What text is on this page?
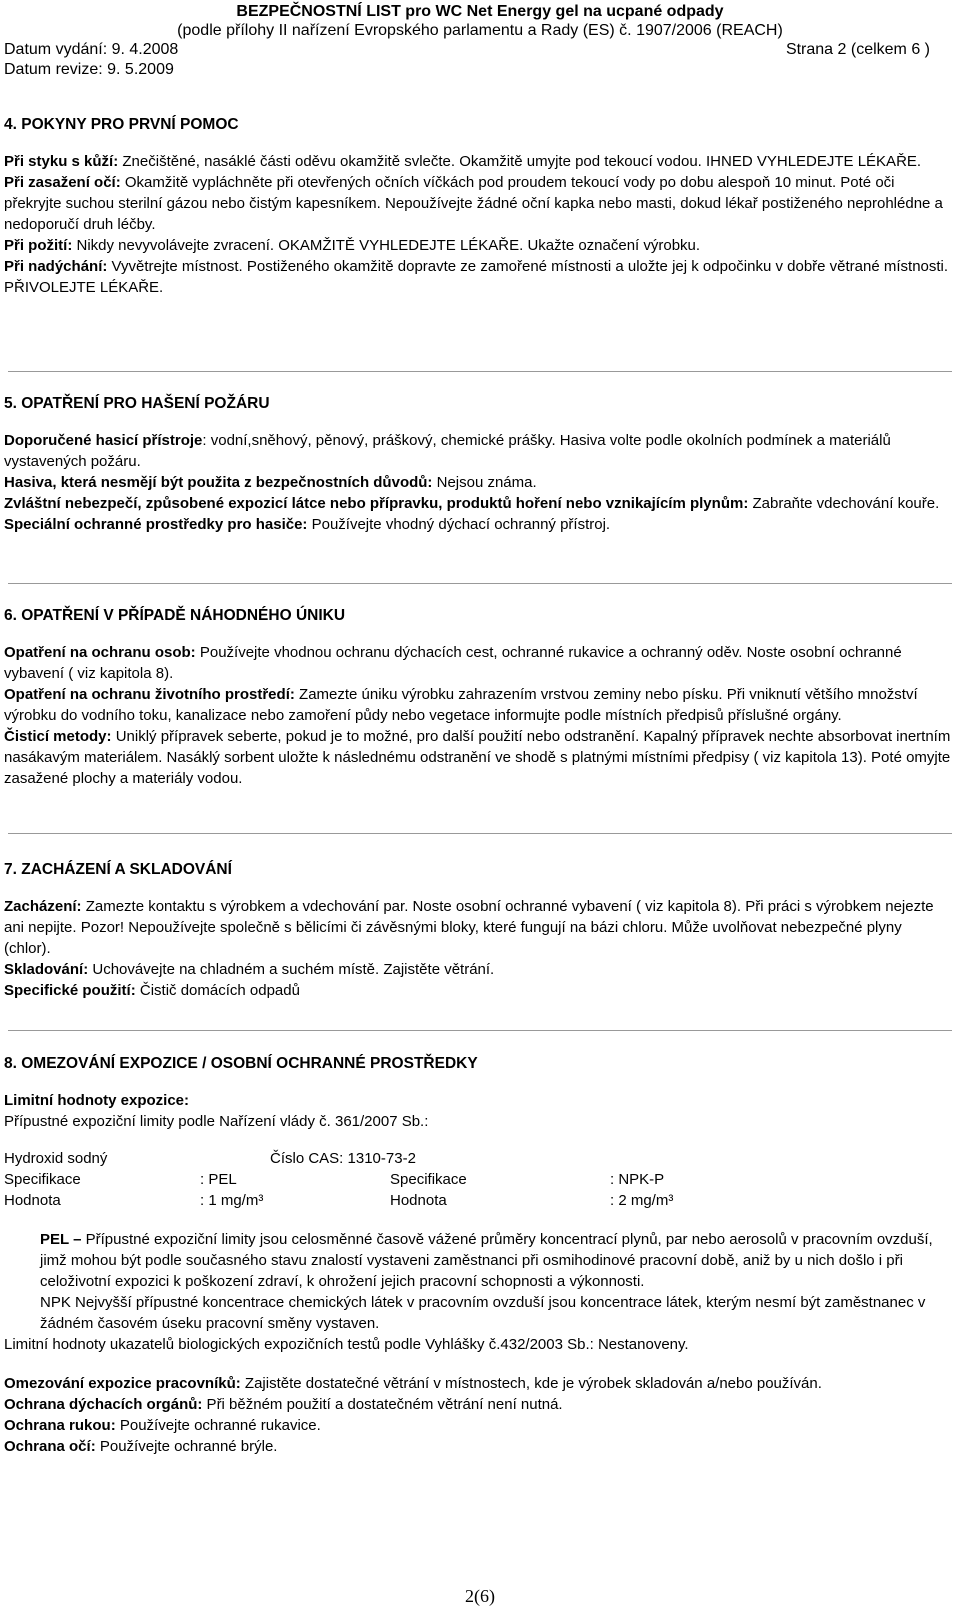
BEZPEČNOSTNÍ LIST pro WC Net Energy gel na ucpané odpady
(podle přílohy II nařízení Evropského parlamentu a Rady (ES) č. 1907/2006 (REACH)
Datum vydání: 9. 4.2008	Strana 2 (celkem 6 )
Datum revize: 9. 5.2009
4. POKYNY PRO PRVNÍ POMOC
Při styku s kůží: Znečištěné, nasáklé části oděvu okamžitě svlečte. Okamžitě umyjte pod tekoucí vodou. IHNED VYHLEDEJTE LÉKAŘE.
Při zasažení očí: Okamžitě vypláchněte při otevřených očních víčkách pod proudem tekoucí vody po dobu alespoň 10 minut. Poté oči překryjte suchou sterilní gázou nebo čistým kapesníkem. Nepoužívejte žádné oční kapka nebo masti, dokud lékař postiženého neprohlédne a nedoporučí druh léčby.
Při požití: Nikdy nevyvolávejte zvracení. OKAMŽITĚ VYHLEDEJTE LÉKAŘE. Ukažte označení výrobku.
Při nadýchání: Vyvětrejte místnost. Postiženého okamžitě dopravte ze zamořené místnosti a uložte jej k odpočinku v dobře větrané místnosti. PŘIVOLEJTE LÉKAŘE.
5. OPATŘENÍ PRO HAŠENÍ POŽÁRU
Doporučené hasicí přístroje: vodní,sněhový, pěnový, práškový, chemické prášky. Hasiva volte podle okolních podmínek a materiálů vystavených požáru.
Hasiva, která nesmějí být použita z bezpečnostních důvodů: Nejsou známa.
Zvláštní nebezpečí, způsobené expozicí látce nebo přípravku, produktů hoření nebo vznikajícím plynům: Zabraňte vdechování kouře.
Speciální ochranné prostředky pro hasiče: Používejte vhodný dýchací ochranný přístroj.
6. OPATŘENÍ V PŘÍPADĚ NÁHODNÉHO ÚNIKU
Opatření na ochranu osob: Používejte vhodnou ochranu dýchacích cest, ochranné rukavice a ochranný oděv. Noste osobní ochranné vybavení ( viz kapitola 8).
Opatření na ochranu životního prostředí: Zamezte úniku výrobku zahrazením vrstvou zeminy nebo písku. Při vniknutí většího množství výrobku do vodního toku, kanalizace nebo zamoření půdy nebo vegetace informujte podle místních předpisů příslušné orgány.
Čisticí metody: Uniklý přípravek seberte, pokud je to možné, pro další použití nebo odstranění. Kapalný přípravek nechte absorbovat inertním nasákavým materiálem. Nasáklý sorbent uložte k následnému odstranění ve shodě s platnými místními předpisy ( viz kapitola 13). Poté omyjte zasažené plochy a materiály vodou.
7. ZACHÁZENÍ A SKLADOVÁNÍ
Zacházení: Zamezte kontaktu s výrobkem a vdechování par. Noste osobní ochranné vybavení ( viz kapitola 8). Při práci s výrobkem nejezte ani nepijte. Pozor! Nepoužívejte společně s bělicími či závěsnými bloky, které fungují na bázi chloru. Může uvolňovat nebezpečné plyny (chlor).
Skladování: Uchovávejte na chladném a suchém místě. Zajistěte větrání.
Specifické použití: Čistič domácích odpadů
8. OMEZOVÁNÍ EXPOZICE / OSOBNÍ OCHRANNÉ PROSTŘEDKY
Limitní hodnoty expozice:
Přípustné expoziční limity podle Nařízení vlády č. 361/2007 Sb.:
Hydroxid sodný	Číslo CAS: 1310-73-2
Specifikace	: PEL	Specifikace	: NPK-P
Hodnota	: 1 mg/m³	Hodnota	: 2 mg/m³
PEL – Přípustné expoziční limity jsou celosměnné časově vážené průměry koncentrací plynů, par nebo aerosolů v pracovním ovzduší, jimž mohou být podle současného stavu znalostí vystaveni zaměstnanci při osmihodinové pracovní době, aniž by u nich došlo i při celoživotní expozici k poškození zdraví, k ohrožení jejich pracovní schopnosti a výkonnosti.
NPK Nejvyšší přípustné koncentrace chemických látek v pracovním ovzduší jsou koncentrace látek, kterým nesmí být zaměstnanec v žádném časovém úseku pracovní směny vystaven.
Limitní hodnoty ukazatelů biologických expozičních testů podle Vyhlášky č.432/2003 Sb.: Nestanoveny.
Omezování expozice pracovníků: Zajistěte dostatečné větrání v místnostech, kde je výrobek skladován a/nebo používán.
Ochrana dýchacích orgánů: Při běžném použití a dostatečném větrání není nutná.
Ochrana rukou: Používejte ochranné rukavice.
Ochrana očí: Používejte ochranné brýle.
2(6)
